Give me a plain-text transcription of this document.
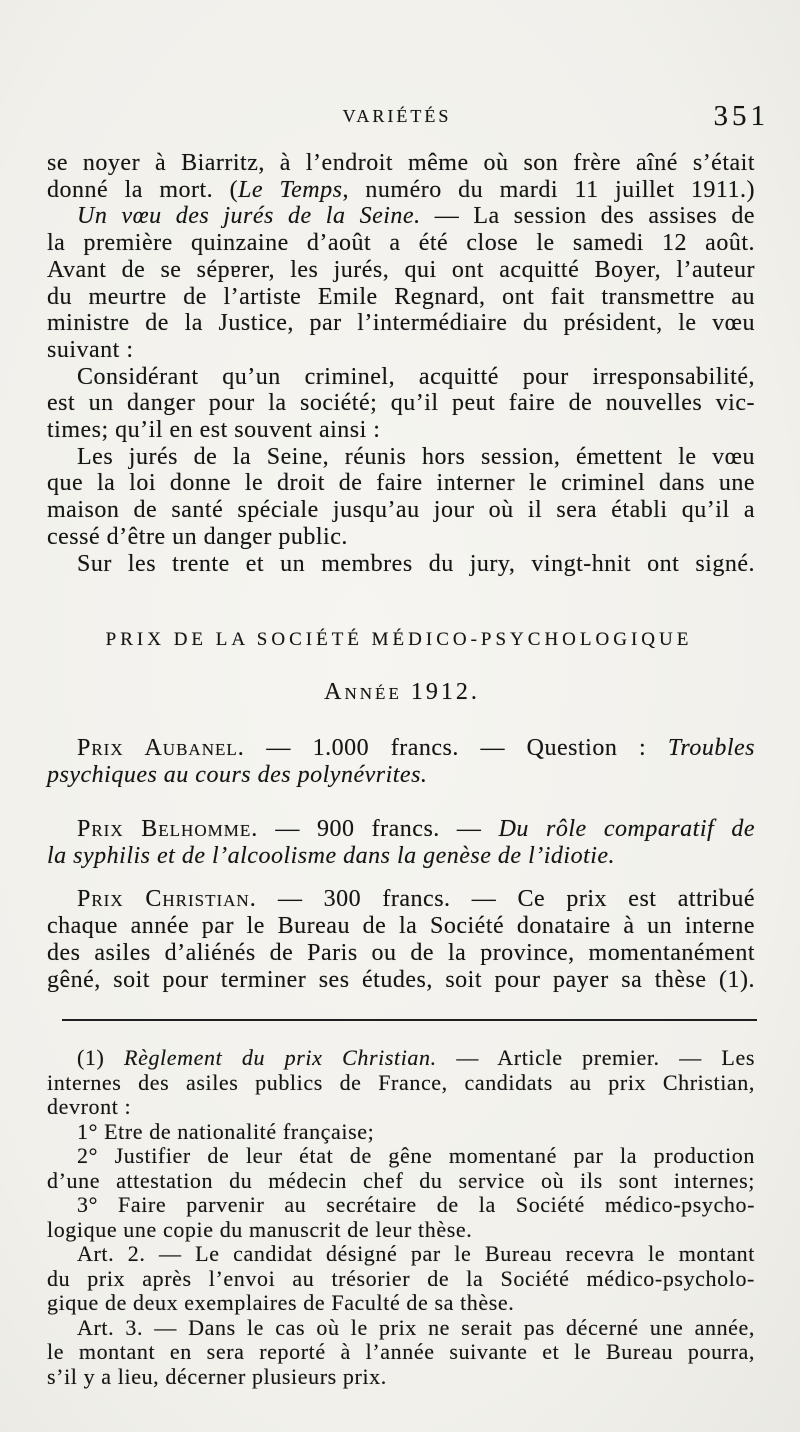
VARIÉTÉS	351
se noyer à Biarritz, à l’endroit même où son frère aîné s’était
donné la mort. (Le Temps, numéro du mardi 11 juillet 1911.)
Un vœu des jurés de la Seine. — La session des assises de
la première quinzaine d’août a été close le samedi 12 août.
Avant de se sépɐrer, les jurés, qui ont acquitté Boyer, l’auteur
du meurtre de l’artiste Emile Regnard, ont fait transmettre au
ministre de la Justice, par l’intermédiaire du président, le vœu
suivant :
Considérant qu’un criminel, acquitté pour irresponsabilité,
est un danger pour la société; qu’il peut faire de nouvelles vic-
times; qu’il en est souvent ainsi :
Les jurés de la Seine, réunis hors session, émettent le vœu
que la loi donne le droit de faire interner le criminel dans une
maison de santé spéciale jusqu’au jour où il sera établi qu’il a
cessé d’être un danger public.
Sur les trente et un membres du jury, vingt-hnit ont signé.
PRIX DE LA SOCIÉTÉ MÉDICO-PSYCHOLOGIQUE
Année 1912.
Prix Aubanel. — 1.000 francs. — Question : Troubles
psychiques au cours des polynévrites.
Prix Belhomme. — 900 francs. — Du rôle comparatif de
la syphilis et de l’alcoolisme dans la genèse de l’idiotie.
Prix Christian. — 300 francs. — Ce prix est attribué
chaque année par le Bureau de la Société donataire à un interne
des asiles d’aliénés de Paris ou de la province, momentanément
gêné, soit pour terminer ses études, soit pour payer sa thèse (1).
(1) Règlement du prix Christian. — Article premier. — Les
internes des asiles publics de France, candidats au prix Christian,
devront :
1° Etre de nationalité française;
2° Justifier de leur état de gêne momentané par la production
d’une attestation du médecin chef du service où ils sont internes;
3° Faire parvenir au secrétaire de la Société médico-psycho-
logique une copie du manuscrit de leur thèse.
Art. 2. — Le candidat désigné par le Bureau recevra le montant
du prix après l’envoi au trésorier de la Société médico-psycholo-
gique de deux exemplaires de Faculté de sa thèse.
Art. 3. — Dans le cas où le prix ne serait pas décerné une année,
le montant en sera reporté à l’année suivante et le Bureau pourra,
s’il y a lieu, décerner plusieurs prix.
